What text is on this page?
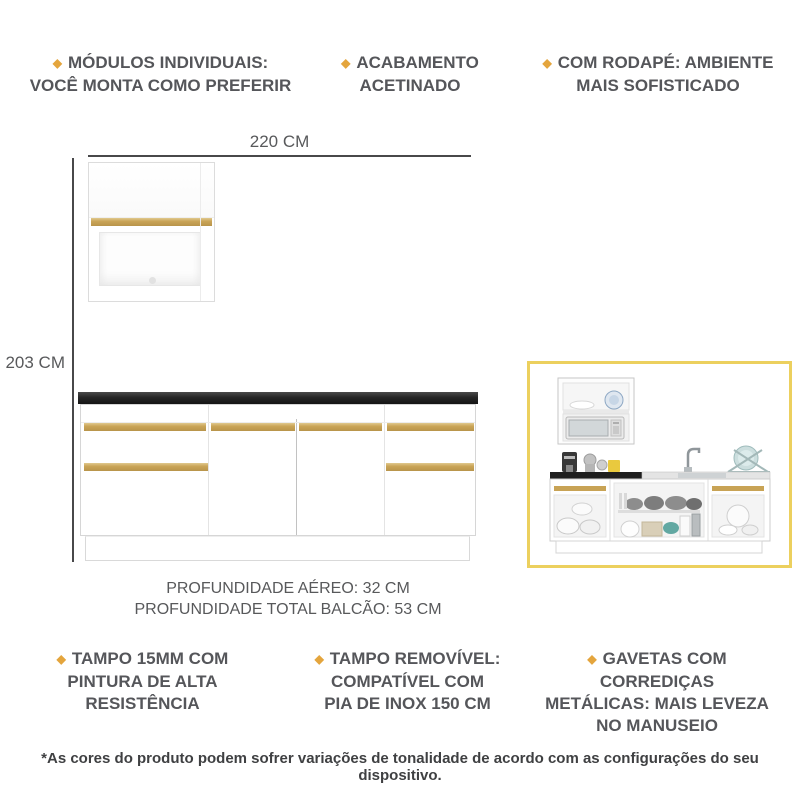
◆ MÓDULOS INDIVIDUAIS:
VOCÊ MONTA COMO PREFERIR
◆ ACABAMENTO
ACETINADO
◆ COM RODAPÉ: AMBIENTE
MAIS SOFISTICADO
220 CM
203 CM
PROFUNDIDADE AÉREO: 32 CM
PROFUNDIDADE TOTAL BALCÃO: 53 CM
◆ TAMPO 15MM COM
PINTURA DE ALTA
RESISTÊNCIA
◆ TAMPO REMOVÍVEL:
COMPATÍVEL COM
PIA DE INOX 150 CM
◆ GAVETAS COM CORREDIÇAS
METÁLICAS: MAIS LEVEZA
NO MANUSEIO
*As cores do produto podem sofrer variações de tonalidade de acordo com as configurações do seu dispositivo.
